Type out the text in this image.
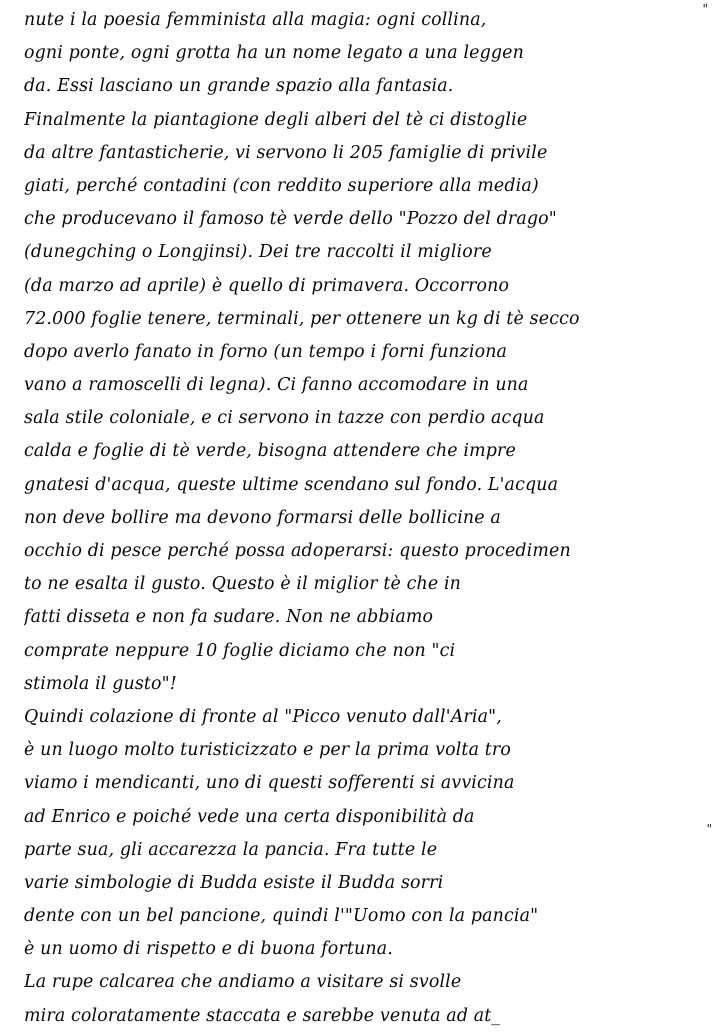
"
nute i la poesia femminista alla magia: ogni collina,
ogni ponte, ogni grotta ha un nome legato a una leggen
da. Essi lasciano un grande spazio alla fantasia.
Finalmente la piantagione degli alberi del tè ci distoglie
da altre fantasticherie, vi servono li 205 famiglie di privile
giati, perché contadini (con reddito superiore alla media)
che producevano il famoso tè verde dello "Pozzo del drago"
(dunegching o Longjinsi). Dei tre raccolti il migliore
(da marzo ad aprile) è quello di primavera. Occorrono
72.000 foglie tenere, terminali, per ottenere un kg di tè secco
dopo averlo fanato in forno (un tempo i forni funziona
vano a ramoscelli di legna). Ci fanno accomodare in una
sala stile coloniale, e ci servono in tazze con perdio acqua
calda e foglie di tè verde, bisogna attendere che impre
gnatesi d'acqua, queste ultime scendano sul fondo. L'acqua
non deve bollire ma devono formarsi delle bollicine a
occhio di pesce perché possa adoperarsi: questo procedimen
to ne esalta il gusto. Questo è il miglior tè che in
fatti disseta e non fa sudare. Non ne abbiamo
comprate neppure 10 foglie diciamo che non "ci
stimola il gusto"!
Quindi colazione di fronte al "Picco venuto dall'Aria",
è un luogo molto turisticizzato e per la prima volta tro
viamo i mendicanti, uno di questi sofferenti si avvicina
ad Enrico e poiché vede una certa disponibilità da
parte sua, gli accarezza la pancia. Fra tutte le
varie simbologie di Budda esiste il Budda sorri
dente con un bel pancione, quindi l'"Uomo con la pancia"
è un uomo di rispetto e di buona fortuna.
La rupe calcarea che andiamo a visitare si svolle
mira coloratamente staccata e sarebbe venuta ad at_
"
